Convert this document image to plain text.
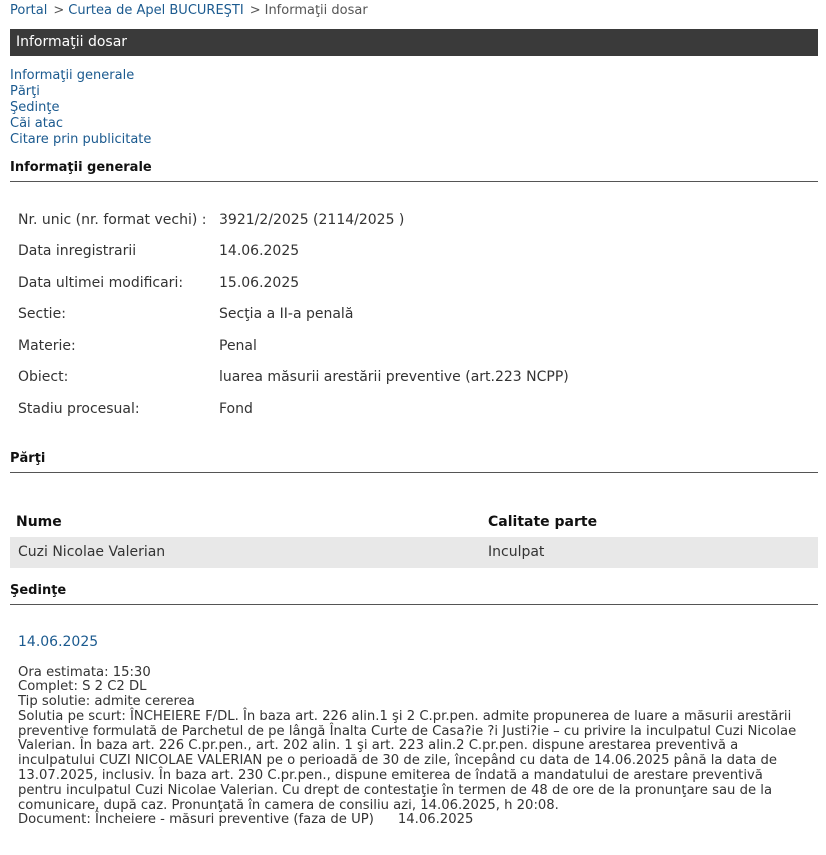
Portal > Curtea de Apel BUCUREŞTI > Informaţii dosar
Informaţii dosar
Informaţii generale
Părţi
Şedinţe
Căi atac
Citare prin publicitate
Informaţii generale
Nr. unic (nr. format vechi) :	3921/2/2025 (2114/2025 )
Data inregistrarii	14.06.2025
Data ultimei modificari:	15.06.2025
Sectie:	Secţia a II-a penală
Materie:	Penal
Obiect:	luarea măsurii arestării preventive (art.223 NCPP)
Stadiu procesual:	Fond
Părţi
Nume	Calitate parte
Cuzi Nicolae Valerian	Inculpat
Şedinţe
14.06.2025
Ora estimata: 15:30
Complet: S 2 C2 DL
Tip solutie: admite cererea
Solutia pe scurt: ÎNCHEIERE F/DL. În baza art. 226 alin.1 şi 2 C.pr.pen. admite propunerea de luare a măsurii arestării preventive formulată de Parchetul de pe lângă Înalta Curte de Casa?ie ?i Justi?ie – cu privire la inculpatul Cuzi Nicolae Valerian. În baza art. 226 C.pr.pen., art. 202 alin. 1 şi art. 223 alin.2 C.pr.pen. dispune arestarea preventivă a inculpatului CUZI NICOLAE VALERIAN pe o perioadă de 30 de zile, începând cu data de 14.06.2025 până la data de 13.07.2025, inclusiv. În baza art. 230 C.pr.pen., dispune emiterea de îndată a mandatului de arestare preventivă pentru inculpatul Cuzi Nicolae Valerian. Cu drept de contestaţie în termen de 48 de ore de la pronunţare sau de la comunicare, după caz. Pronunţată în camera de consiliu azi, 14.06.2025, h 20:08.
Document: Încheiere - măsuri preventive (faza de UP) 14.06.2025
